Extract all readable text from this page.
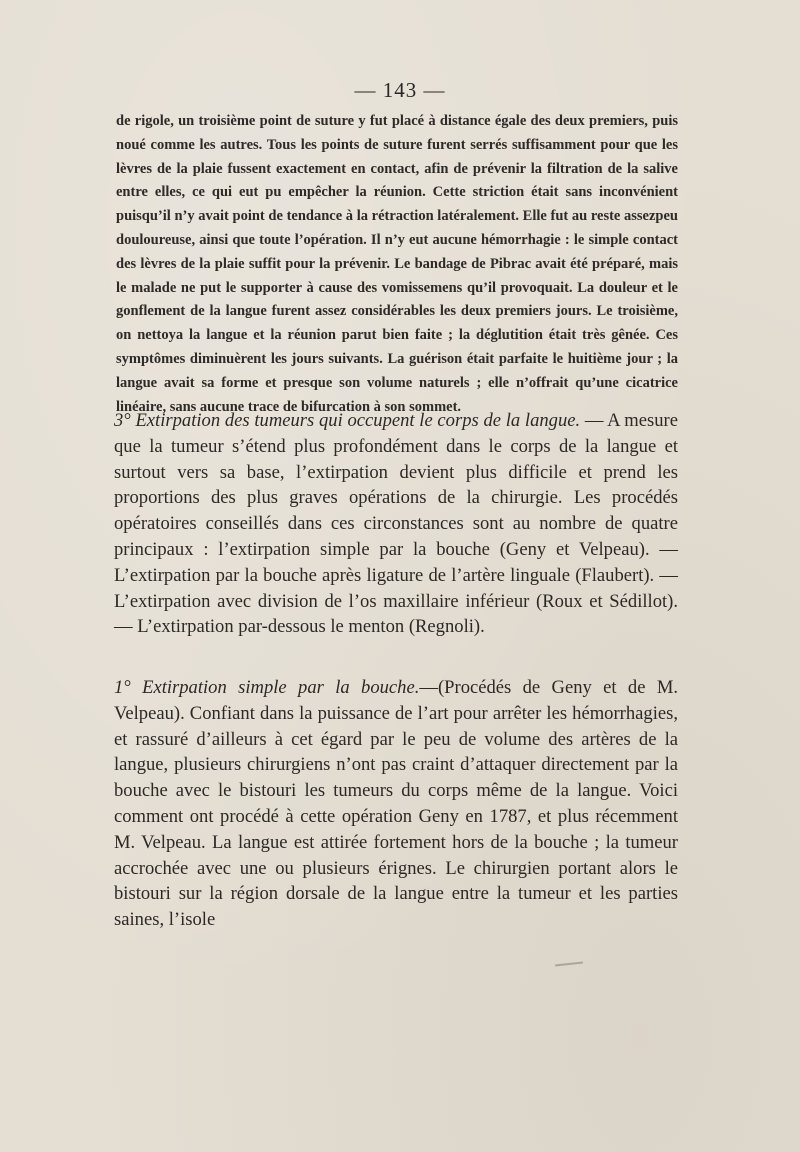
— 143 —

de rigole, un troisième point de suture y fut placé à distance égale des deux premiers, puis noué comme les autres. Tous les points de suture furent serrés suffisamment pour que les lèvres de la plaie fussent exactement en contact, afin de prévenir la filtration de la salive entre elles, ce qui eut pu empêcher la réunion. Cette striction était sans inconvénient puisqu’il n’y avait point de tendance à la rétraction latéralement. Elle fut au reste assezpeu douloureuse, ainsi que toute l’opération. Il n’y eut aucune hémorrhagie : le simple contact des lèvres de la plaie suffit pour la prévenir. Le bandage de Pibrac avait été préparé, mais le malade ne put le supporter à cause des vomissemens qu’il provoquait. La douleur et le gonflement de la langue furent assez considérables les deux premiers jours. Le troisième, on nettoya la langue et la réunion parut bien faite ; la déglutition était très gênée. Ces symptômes diminuèrent les jours suivants. La guérison était parfaite le huitième jour ; la langue avait sa forme et presque son volume naturels ; elle n’offrait qu’une cicatrice linéaire, sans aucune trace de bifurcation à son sommet.

3° Extirpation des tumeurs qui occupent le corps de la langue. — A mesure que la tumeur s’étend plus profondément dans le corps de la langue et surtout vers sa base, l’extirpation devient plus difficile et prend les proportions des plus graves opérations de la chirurgie. Les procédés opératoires conseillés dans ces circonstances sont au nombre de quatre principaux : l’extirpation simple par la bouche (Geny et Velpeau). — L’extirpation par la bouche après ligature de l’artère linguale (Flaubert). — L’extirpation avec division de l’os maxillaire inférieur (Roux et Sédillot). — L’extirpation par-dessous le menton (Regnoli).

1° Extirpation simple par la bouche.—(Procédés de Geny et de M. Velpeau). Confiant dans la puissance de l’art pour arrêter les hémorrhagies, et rassuré d’ailleurs à cet égard par le peu de volume des artères de la langue, plusieurs chirurgiens n’ont pas craint d’attaquer directement par la bouche avec le bistouri les tumeurs du corps même de la langue. Voici comment ont procédé à cette opération Geny en 1787, et plus récemment M. Velpeau. La langue est attirée fortement hors de la bouche ; la tumeur accrochée avec une ou plusieurs érignes. Le chirurgien portant alors le bistouri sur la région dorsale de la langue entre la tumeur et les parties saines, l’isole
